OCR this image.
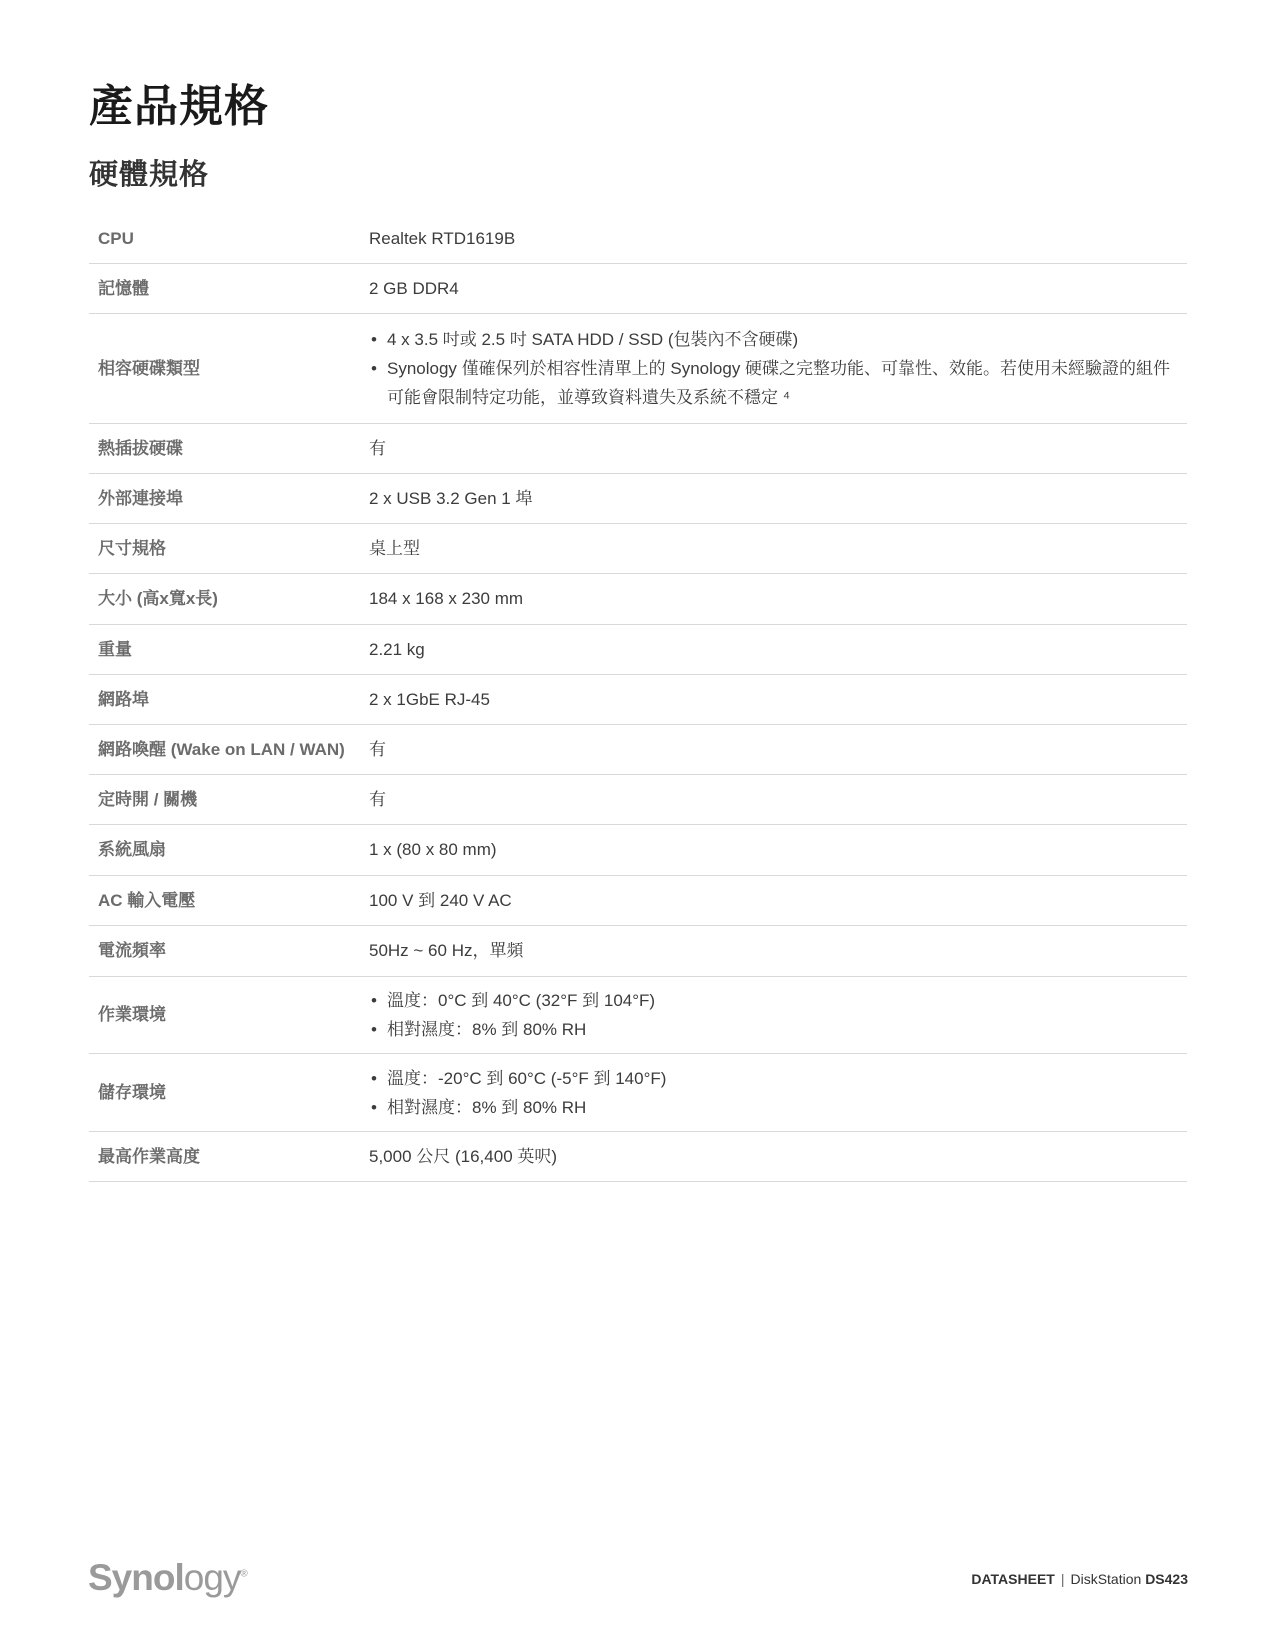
產品規格
硬體規格
CPU	Realtek RTD1619B
記憶體	2 GB DDR4
相容硬碟類型
• 4 x 3.5 吋或 2.5 吋 SATA HDD / SSD (包裝內不含硬碟)
• Synology 僅確保列於相容性清單上的 Synology 硬碟之完整功能、可靠性、效能。若使用未經驗證的組件可能會限制特定功能，並導致資料遺失及系統不穩定 ⁴
熱插拔硬碟	有
外部連接埠	2 x USB 3.2 Gen 1 埠
尺寸規格	桌上型
大小 (高x寬x長)	184 x 168 x 230 mm
重量	2.21 kg
網路埠	2 x 1GbE RJ-45
網路喚醒 (Wake on LAN / WAN)	有
定時開 / 關機	有
系統風扇	1 x (80 x 80 mm)
AC 輸入電壓	100 V 到 240 V AC
電流頻率	50Hz ~ 60 Hz，單頻
作業環境
• 溫度：0°C 到 40°C (32°F 到 104°F)
• 相對濕度：8% 到 80% RH
儲存環境
• 溫度：-20°C 到 60°C (-5°F 到 140°F)
• 相對濕度：8% 到 80% RH
最高作業高度	5,000 公尺 (16,400 英呎)
Synology®	DATASHEET | DiskStation DS423
